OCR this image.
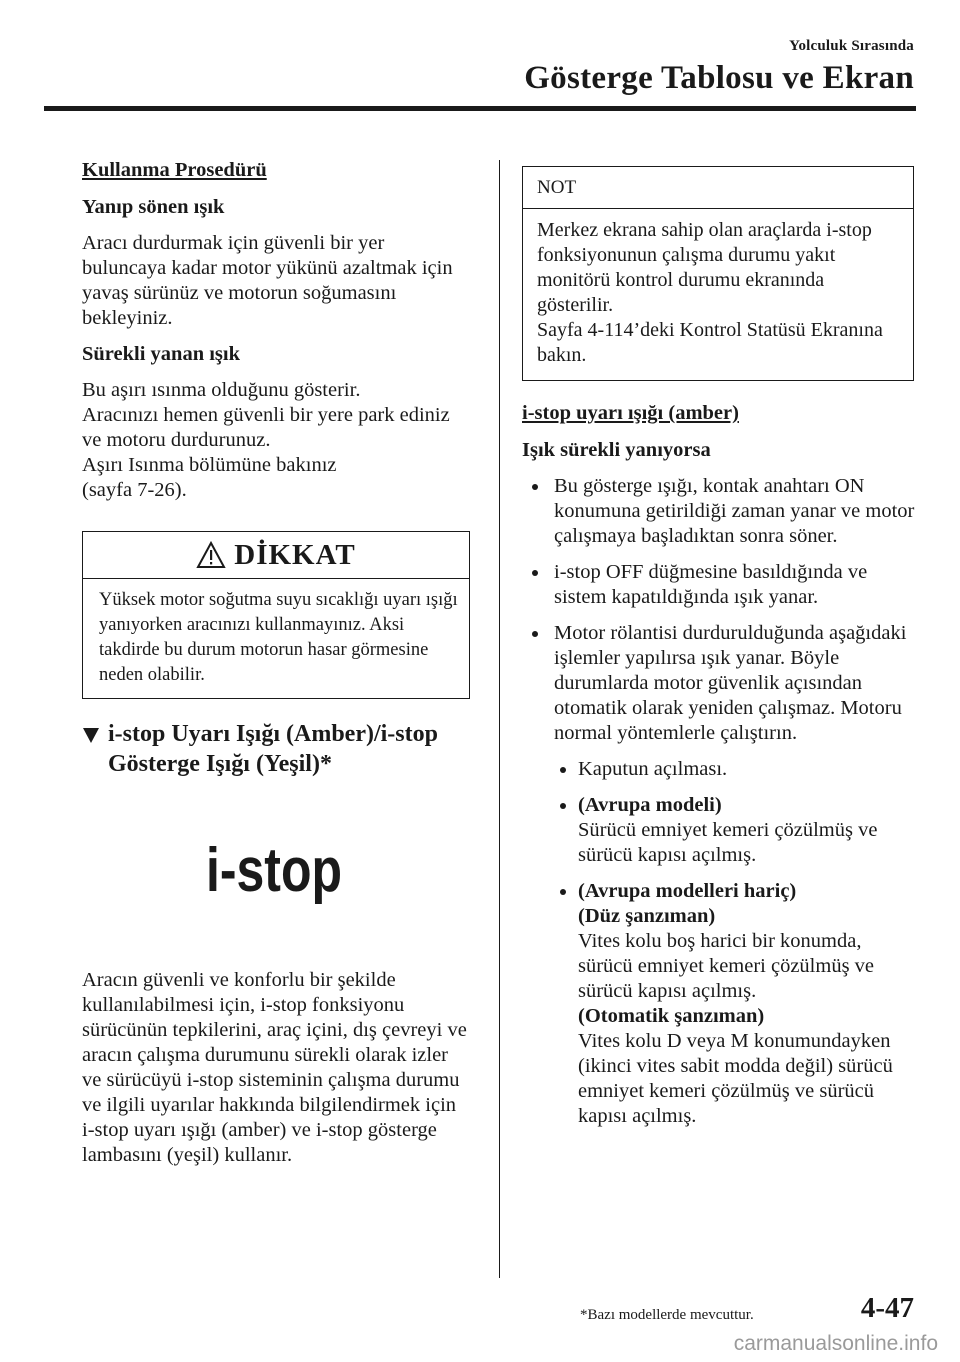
Yolculuk Sırasında
Gösterge Tablosu ve Ekran
Kullanma Prosedürü
Yanıp sönen ışık

Aracı durdurmak için güvenli bir yer buluncaya kadar motor yükünü azaltmak için yavaş sürünüz ve motorun soğumasını bekleyiniz.

Sürekli yanan ışık
Bu aşırı ısınma olduğunu gösterir.
Aracınızı hemen güvenli bir yere park ediniz ve motoru durdurunuz.
Aşırı Isınma bölümüne bakınız
(sayfa 7-26).
DİKKAT
Yüksek motor soğutma suyu sıcaklığı uyarı ışığı yanıyorken aracınızı kullanmayınız. Aksi takdirde bu durum motorun hasar görmesine neden olabilir.
i-stop Uyarı Işığı (Amber)/i-stop
Gösterge Işığı (Yeşil)*
i-stop

Aracın güvenli ve konforlu bir şekilde kullanılabilmesi için, i-stop fonksiyonu sürücünün tepkilerini, araç içini, dış çevreyi ve aracın çalışma durumunu sürekli olarak izler ve sürücüyü i-stop sisteminin çalışma durumu ve ilgili uyarılar hakkında bilgilendirmek için i-stop uyarı ışığı (amber) ve i-stop gösterge lambasını (yeşil) kullanır.

NOT
Merkez ekrana sahip olan araçlarda i-stop fonksiyonunun çalışma durumu yakıt monitörü kontrol durumu ekranında gösterilir.
Sayfa 4-114’deki Kontrol Statüsü Ekranına bakın.
i-stop uyarı ışığı (amber)
Işık sürekli yanıyorsa
Bu gösterge ışığı, kontak anahtarı ON konumuna getirildiği zaman yanar ve motor çalışmaya başladıktan sonra söner.
i-stop OFF düğmesine basıldığında ve sistem kapatıldığında ışık yanar.
Motor rölantisi durdurulduğunda aşağıdaki işlemler yapılırsa ışık yanar. Böyle durumlarda motor güvenlik açısından otomatik olarak yeniden çalışmaz. Motoru normal yöntemlerle çalıştırın.
Kaputun açılması.
(Avrupa modeli)
Sürücü emniyet kemeri çözülmüş ve sürücü kapısı açılmış.
(Avrupa modelleri hariç)
(Düz şanzıman)
Vites kolu boş harici bir konumda, sürücü emniyet kemeri çözülmüş ve sürücü kapısı açılmış.
(Otomatik şanzıman)
Vites kolu D veya M konumundayken (ikinci vites sabit modda değil) sürücü emniyet kemeri çözülmüş ve sürücü kapısı açılmış.
*Bazı modellerde mevcuttur.	4-47
carmanualsonline.info
